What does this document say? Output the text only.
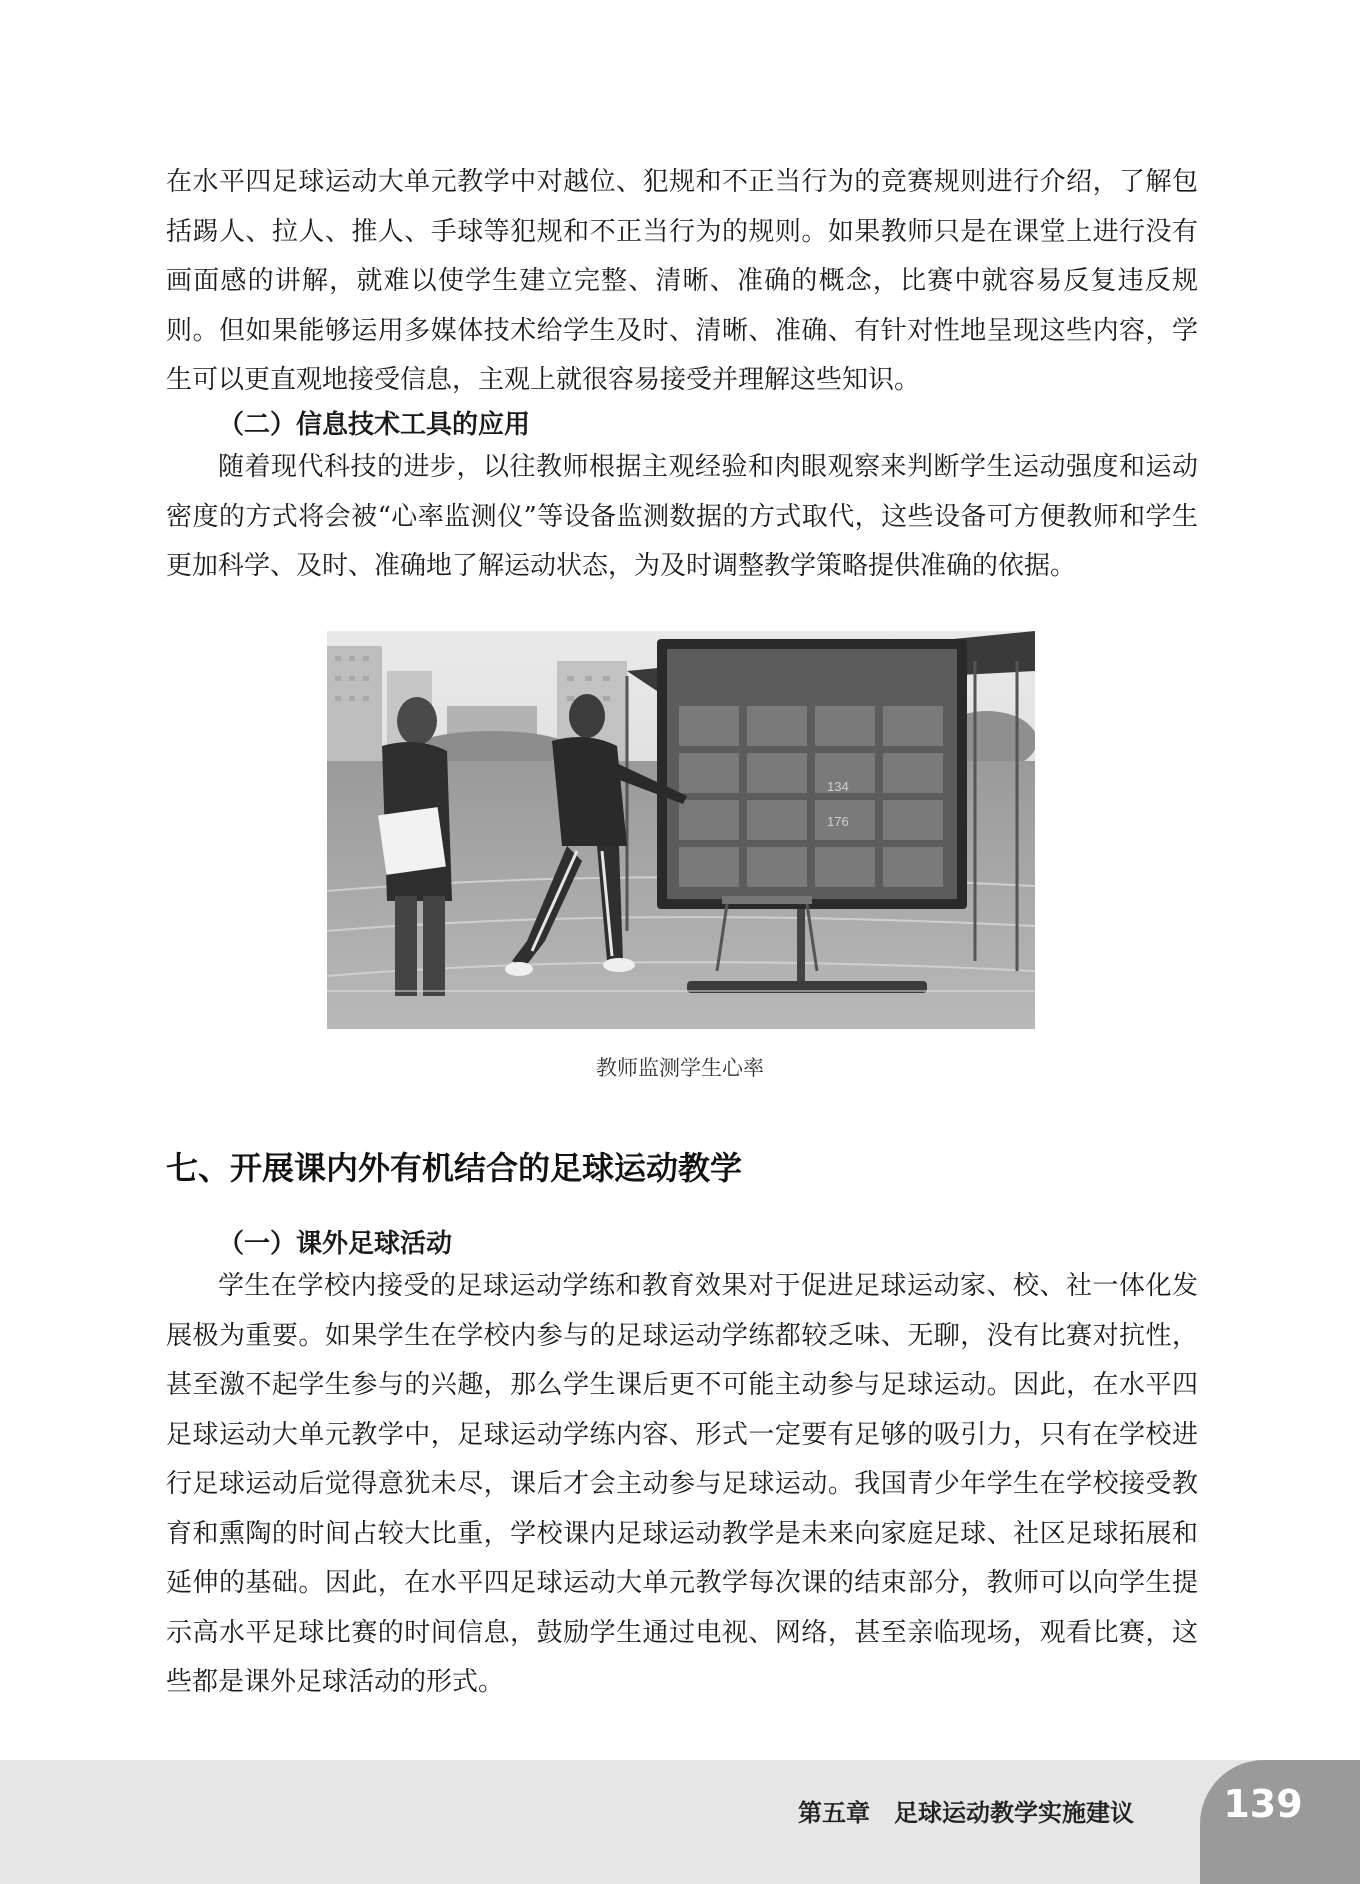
在水平四足球运动大单元教学中对越位、犯规和不正当行为的竞赛规则进行介绍，了解包括踢人、拉人、推人、手球等犯规和不正当行为的规则。如果教师只是在课堂上进行没有画面感的讲解，就难以使学生建立完整、清晰、准确的概念，比赛中就容易反复违反规则。但如果能够运用多媒体技术给学生及时、清晰、准确、有针对性地呈现这些内容，学生可以更直观地接受信息，主观上就很容易接受并理解这些知识。

（二）信息技术工具的应用

随着现代科技的进步，以往教师根据主观经验和肉眼观察来判断学生运动强度和运动密度的方式将会被“心率监测仪”等设备监测数据的方式取代，这些设备可方便教师和学生更加科学、及时、准确地了解运动状态，为及时调整教学策略提供准确的依据。

134
176
教师监测学生心率
七、开展课内外有机结合的足球运动教学

（一）课外足球活动

学生在学校内接受的足球运动学练和教育效果对于促进足球运动家、校、社一体化发展极为重要。如果学生在学校内参与的足球运动学练都较乏味、无聊，没有比赛对抗性，甚至激不起学生参与的兴趣，那么学生课后更不可能主动参与足球运动。因此，在水平四足球运动大单元教学中，足球运动学练内容、形式一定要有足够的吸引力，只有在学校进行足球运动后觉得意犹未尽，课后才会主动参与足球运动。我国青少年学生在学校接受教育和熏陶的时间占较大比重，学校课内足球运动教学是未来向家庭足球、社区足球拓展和延伸的基础。因此，在水平四足球运动大单元教学每次课的结束部分，教师可以向学生提示高水平足球比赛的时间信息，鼓励学生通过电视、网络，甚至亲临现场，观看比赛，这些都是课外足球活动的形式。

第五章　足球运动教学实施建议	139
